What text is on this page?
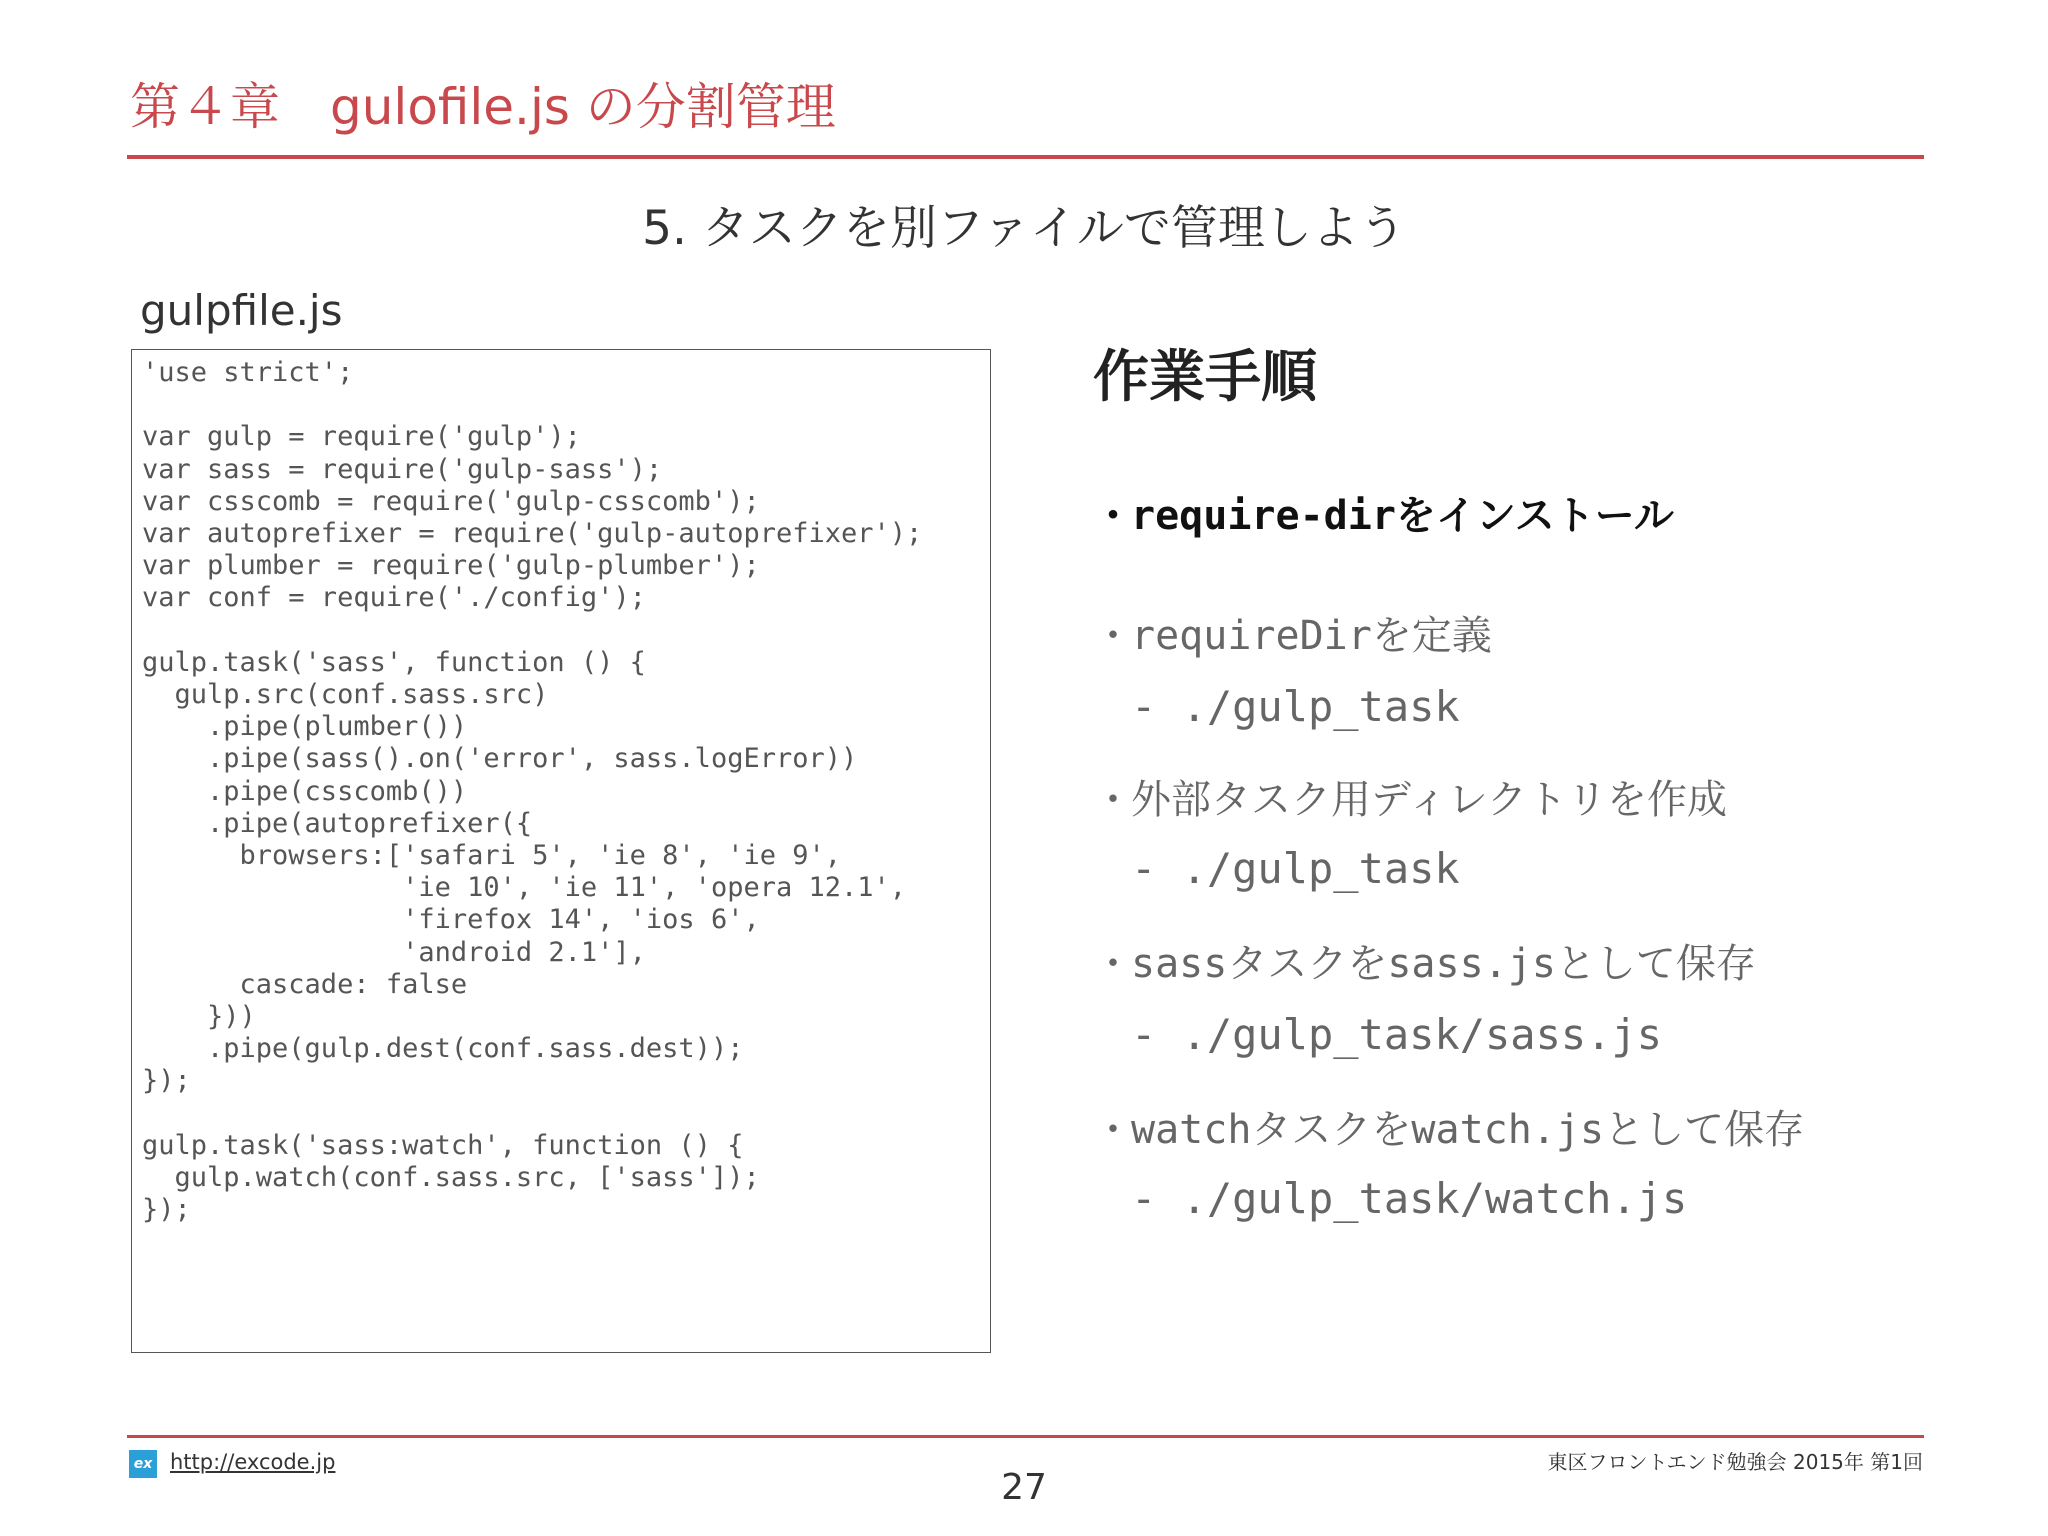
第４章　gulofile.js の分割管理
5. タスクを別ファイルで管理しよう
gulpfile.js
'use strict';

var gulp = require('gulp');
var sass = require('gulp-sass');
var csscomb = require('gulp-csscomb');
var autoprefixer = require('gulp-autoprefixer');
var plumber = require('gulp-plumber');
var conf = require('./config');

gulp.task('sass', function () {
gulp.src(conf.sass.src)
.pipe(plumber())
.pipe(sass().on('error', sass.logError))
.pipe(csscomb())
.pipe(autoprefixer({
browsers:['safari 5', 'ie 8', 'ie 9',
'ie 10', 'ie 11', 'opera 12.1',
'firefox 14', 'ios 6',
'android 2.1'],
cascade: false
}))
.pipe(gulp.dest(conf.sass.dest));
});

gulp.task('sass:watch', function () {
gulp.watch(conf.sass.src, ['sass']);
});
作業手順
・
require-dir をインストール
・
requireDir を定義
- ./gulp_task
・
外部タスク用ディレクトリを作成
- ./gulp_task
・
sass タスクを sass.js として保存
- ./gulp_task/sass.js
・
watch タスクを watch.js として保存
- ./gulp_task/watch.js
ex http://excode.jp
27
東区フロントエンド勉強会 2015年 第1回
